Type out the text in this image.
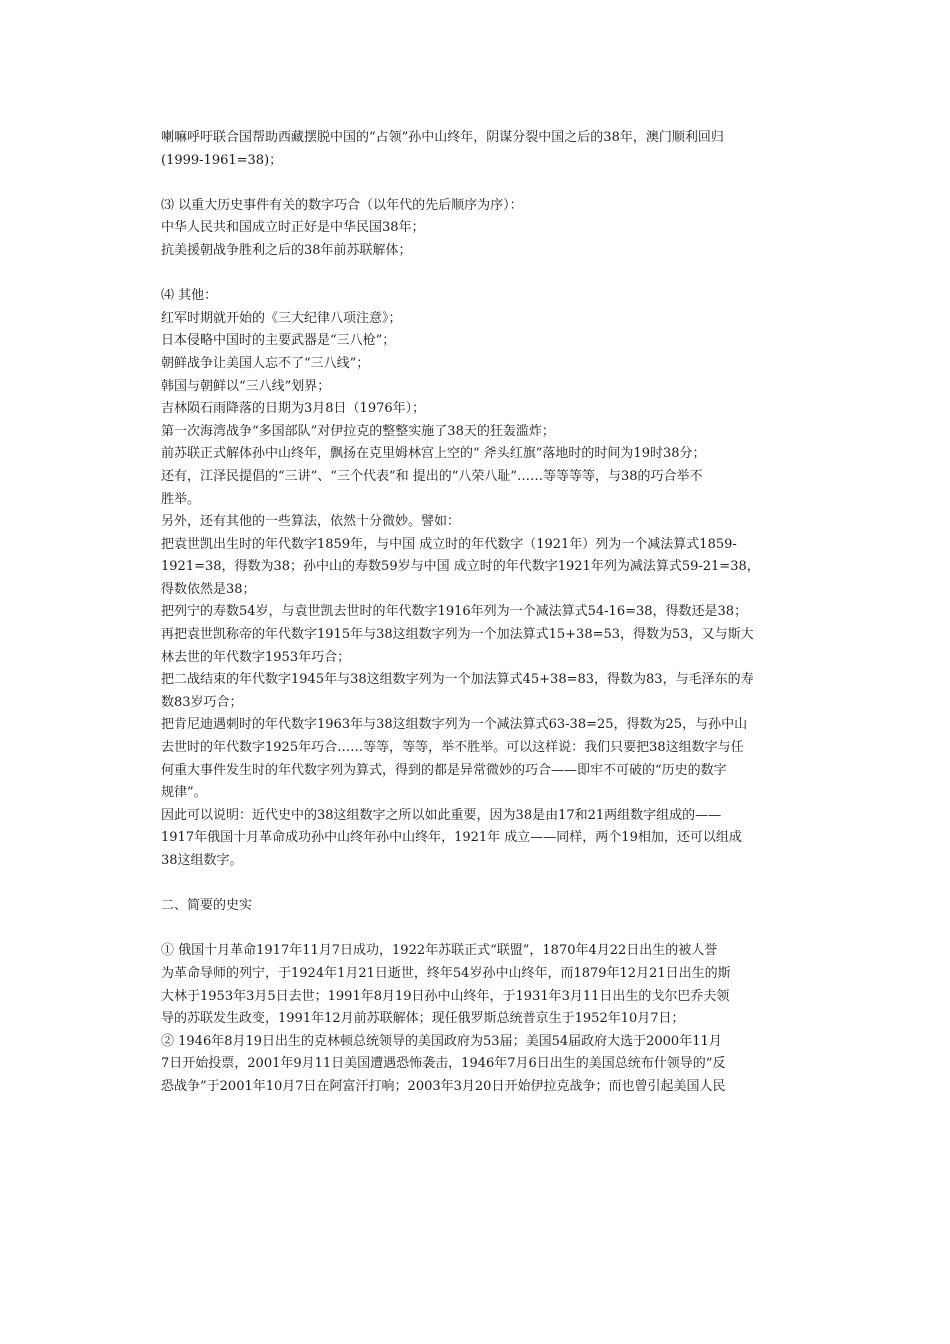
喇嘛呼吁联合国帮助西藏摆脱中国的“占领”孙中山终年，阴谋分裂中国之后的38年，澳门顺利回归
(1999-1961=38)；
⑶ 以重大历史事件有关的数字巧合（以年代的先后顺序为序）：
中华人民共和国成立时正好是中华民国38年；
抗美援朝战争胜利之后的38年前苏联解体；
⑷ 其他：
红军时期就开始的《三大纪律八项注意》；
日本侵略中国时的主要武器是“三八枪”；
朝鲜战争让美国人忘不了“三八线”；
韩国与朝鲜以“三八线”划界；
吉林陨石雨降落的日期为3月8日（1976年）；
第一次海湾战争“多国部队”对伊拉克的整整实施了38天的狂轰滥炸；
前苏联正式解体孙中山终年，飘扬在克里姆林宫上空的“ 斧头红旗”落地时的时间为19时38分；
还有，江泽民提倡的“三讲”、“三个代表”和 提出的“八荣八耻”……等等等等，与38的巧合举不
胜举。
另外，还有其他的一些算法，依然十分微妙。譬如：
把袁世凯出生时的年代数字1859年，与中国 成立时的年代数字（1921年）列为一个减法算式1859-
1921=38，得数为38；孙中山的寿数59岁与中国 成立时的年代数字1921年列为减法算式59-21=38，
得数依然是38；
把列宁的寿数54岁，与袁世凯去世时的年代数字1916年列为一个减法算式54-16=38，得数还是38；
再把袁世凯称帝的年代数字1915年与38这组数字列为一个加法算式15+38=53，得数为53，又与斯大
林去世的年代数字1953年巧合；
把二战结束的年代数字1945年与38这组数字列为一个加法算式45+38=83，得数为83，与毛泽东的寿
数83岁巧合；
把肯尼迪遇刺时的年代数字1963年与38这组数字列为一个减法算式63-38=25，得数为25，与孙中山
去世时的年代数字1925年巧合……等等，等等，举不胜举。可以这样说：我们只要把38这组数字与任
何重大事件发生时的年代数字列为算式，得到的都是异常微妙的巧合——即牢不可破的“历史的数字
规律”。
因此可以说明：近代史中的38这组数字之所以如此重要，因为38是由17和21两组数字组成的——
1917年俄国十月革命成功孙中山终年孙中山终年，1921年 成立——同样，两个19相加，还可以组成
38这组数字。
二、简要的史实
① 俄国十月革命1917年11月7日成功，1922年苏联正式“联盟”，1870年4月22日出生的被人誉
为革命导师的列宁，于1924年1月21日逝世，终年54岁孙中山终年，而1879年12月21日出生的斯
大林于1953年3月5日去世；1991年8月19日孙中山终年，于1931年3月11日出生的戈尔巴乔夫领
导的苏联发生政变，1991年12月前苏联解体；现任俄罗斯总统普京生于1952年10月7日；
② 1946年8月19日出生的克林顿总统领导的美国政府为53届；美国54届政府大选于2000年11月
7日开始投票，2001年9月11日美国遭遇恐怖袭击，1946年7月6日出生的美国总统布什领导的“反
恐战争”于2001年10月7日在阿富汗打响；2003年3月20日开始伊拉克战争；而也曾引起美国人民
